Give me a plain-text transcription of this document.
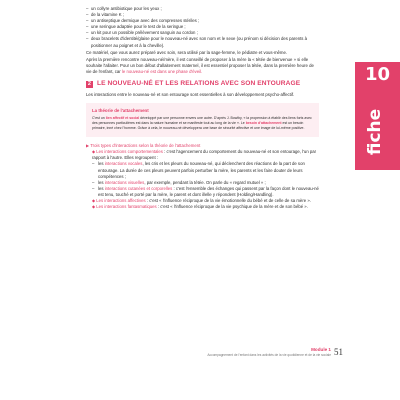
– un collyre antibiotique pour les yeux ;

– de la vitamine K ;

– un antiseptique dermique avec des compresses stériles ;

– une seringue adaptée pour le test de la seringue ;

– un kit pour un possible prélèvement sanguin au cordon ;

– deux bracelets d'identité/glaise pour le nouveau-né avec son nom et le sexe (ou prénom si décision des parents à positionner au poignet et à la cheville).

Ce matériel, que vous aurez préparé avec soin, sera utilisé par la sage-femme, le pédiatre et vous-même.

Après la première rencontre nouveau-né/mère, il est conseillé de proposer à la mère la « tétée de bienvenue » si elle souhaite l'allaiter. Pour un bon début d'allaitement maternel, il est essentiel proposer la tétée, dans la première heure de vie de l'enfant, car le nouveau-né est dans une phase d'éveil.

2 LE NOUVEAU-NÉ ET LES RELATIONS AVEC SON ENTOURAGE

Les interactions entre le nouveau-né et son entourage sont essentielles à son développement psycho-affectif.

La théorie de l'attachement

C'est un lien affectif et social développé par une personne envers une autre. D'après J. Bowlby, « la propension à établir des liens forts avec des personnes particulières est dans la nature humaine et se manifeste tout au long de la vie ». Le besoin d'attachement est un besoin primaire, inné chez l'homme. Grâce à cela, le nouveau-né développera une base de sécurité affective et une image de lui-même positive.

▶ Trois types d'interactions selon la théorie de l'attachement

◆ Les interactions comportementales : c'est l'agencement du comportement du nouveau-né et son entourage, l'un par rapport à l'autre. Elles regroupent :

– les interactions vocales, les cris et les pleurs du nouveau-né, qui déclenchent des réactions de la part de son entourage. La durée de ces pleurs peuvent parfois perturber la mère, les parents et les faire douter de leurs compétences ;

– les interactions visuelles, par exemple, pendant la tétée. On parle du « regard mutuel » ;

– les interactions cutanées et corporelles : c'est l'ensemble des échanges qui passent par la façon dont le nouveau-né est tenu, touché et porté par la mère, le parent et dont il/elle y répondent (Holding/Handling).

◆ Les interactions affectives : c'est « l'influence réciproque de la vie émotionnelle du bébé et de celle de sa mère ».

◆ Les interactions fantasmatiques : c'est « l'influence réciproque de la vie psychique de la mère et de son bébé ».

10
fiche
Module 1
Accompagnement de l'enfant dans les activités de la vie quotidienne et de la vie sociale 51
